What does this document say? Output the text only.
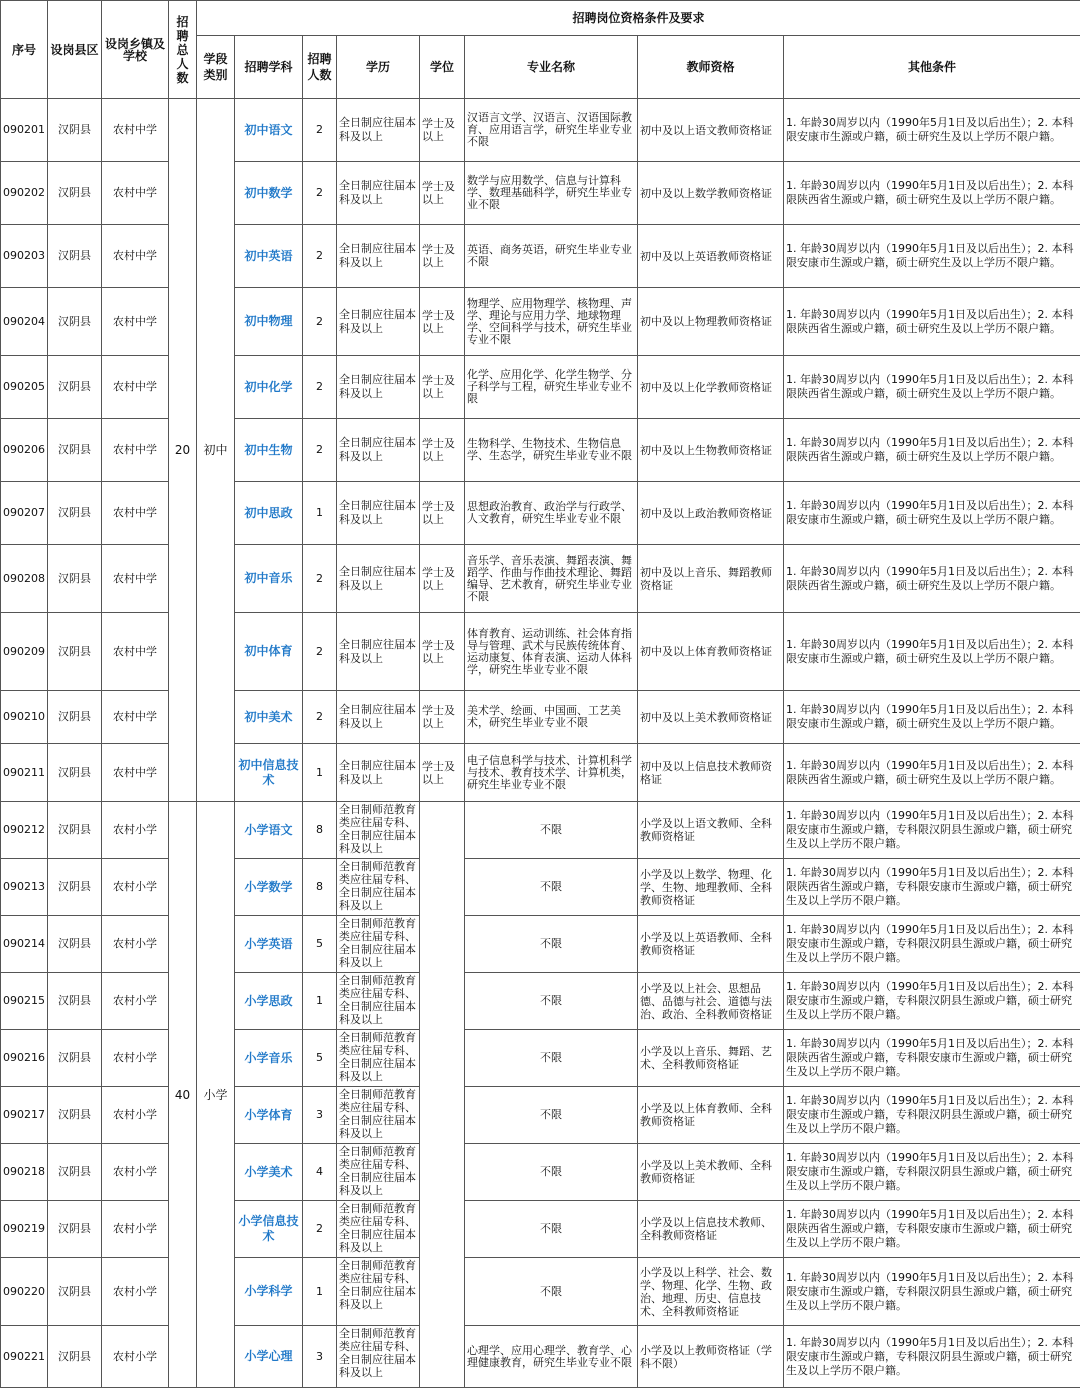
序号	设岗县区	设岗乡镇及学校	招聘总人数	招聘岗位资格条件及要求							

				学段类别	招聘学科	招聘人数	学历	学位	专业名称	教师资格	其他条件
090201	汉阴县	农村中学	20	初中	初中语文	2	全日制应往届本科及以上	学士及以上	汉语言文学、汉语言、汉语国际教育、应用语言学，研究生毕业专业不限	初中及以上语文教师资格证	1. 年龄30周岁以内（1990年5月1日及以后出生）；2. 本科限安康市生源或户籍，硕士研究生及以上学历不限户籍。
090202	汉阴县	农村中学			初中数学	2	全日制应往届本科及以上	学士及以上	数学与应用数学、信息与计算科学、数理基础科学，研究生毕业专业不限	初中及以上数学教师资格证	1. 年龄30周岁以内（1990年5月1日及以后出生）；2. 本科限陕西省生源或户籍，硕士研究生及以上学历不限户籍。
090203	汉阴县	农村中学			初中英语	2	全日制应往届本科及以上	学士及以上	英语、商务英语，研究生毕业专业不限	初中及以上英语教师资格证	1. 年龄30周岁以内（1990年5月1日及以后出生）；2. 本科限安康市生源或户籍，硕士研究生及以上学历不限户籍。
090204	汉阴县	农村中学			初中物理	2	全日制应往届本科及以上	学士及以上	物理学、应用物理学、核物理、声学、理论与应用力学、地球物理学、空间科学与技术，研究生毕业专业不限	初中及以上物理教师资格证	1. 年龄30周岁以内（1990年5月1日及以后出生）；2. 本科限陕西省生源或户籍，硕士研究生及以上学历不限户籍。
090205	汉阴县	农村中学			初中化学	2	全日制应往届本科及以上	学士及以上	化学、应用化学、化学生物学、分子科学与工程，研究生毕业专业不限	初中及以上化学教师资格证	1. 年龄30周岁以内（1990年5月1日及以后出生）；2. 本科限陕西省生源或户籍，硕士研究生及以上学历不限户籍。
090206	汉阴县	农村中学			初中生物	2	全日制应往届本科及以上	学士及以上	生物科学、生物技术、生物信息学、生态学，研究生毕业专业不限	初中及以上生物教师资格证	1. 年龄30周岁以内（1990年5月1日及以后出生）；2. 本科限陕西省生源或户籍，硕士研究生及以上学历不限户籍。
090207	汉阴县	农村中学			初中思政	1	全日制应往届本科及以上	学士及以上	思想政治教育、政治学与行政学、人文教育，研究生毕业专业不限	初中及以上政治教师资格证	1. 年龄30周岁以内（1990年5月1日及以后出生）；2. 本科限安康市生源或户籍，硕士研究生及以上学历不限户籍。
090208	汉阴县	农村中学			初中音乐	2	全日制应往届本科及以上	学士及以上	音乐学、音乐表演、舞蹈表演、舞蹈学、作曲与作曲技术理论、舞蹈编导、艺术教育，研究生毕业专业不限	初中及以上音乐、舞蹈教师资格证	1. 年龄30周岁以内（1990年5月1日及以后出生）；2. 本科限陕西省生源或户籍，硕士研究生及以上学历不限户籍。
090209	汉阴县	农村中学			初中体育	2	全日制应往届本科及以上	学士及以上	体育教育、运动训练、社会体育指导与管理、武术与民族传统体育、运动康复、体育表演、运动人体科学，研究生毕业专业不限	初中及以上体育教师资格证	1. 年龄30周岁以内（1990年5月1日及以后出生）；2. 本科限安康市生源或户籍，硕士研究生及以上学历不限户籍。
090210	汉阴县	农村中学			初中美术	2	全日制应往届本科及以上	学士及以上	美术学、绘画、中国画、工艺美术，研究生毕业专业不限	初中及以上美术教师资格证	1. 年龄30周岁以内（1990年5月1日及以后出生）；2. 本科限安康市生源或户籍，硕士研究生及以上学历不限户籍。
090211	汉阴县	农村中学			初中信息技术	1	全日制应往届本科及以上	学士及以上	电子信息科学与技术、计算机科学与技术、教育技术学、计算机类，研究生毕业专业不限	初中及以上信息技术教师资格证	1. 年龄30周岁以内（1990年5月1日及以后出生）；2. 本科限陕西省生源或户籍，硕士研究生及以上学历不限户籍。
090212	汉阴县	农村小学	40	小学	小学语文	8	全日制师范教育类应往届专科、全日制应往届本科及以上		不限	小学及以上语文教师、全科教师资格证	1. 年龄30周岁以内（1990年5月1日及以后出生）；2. 本科限安康市生源或户籍，专科限汉阴县生源或户籍，硕士研究生及以上学历不限户籍。
090213	汉阴县	农村小学			小学数学	8	全日制师范教育类应往届专科、全日制应往届本科及以上		不限	小学及以上数学、物理、化学、生物、地理教师、全科教师资格证	1. 年龄30周岁以内（1990年5月1日及以后出生）；2. 本科限陕西省生源或户籍，专科限安康市生源或户籍，硕士研究生及以上学历不限户籍。
090214	汉阴县	农村小学			小学英语	5	全日制师范教育类应往届专科、全日制应往届本科及以上		不限	小学及以上英语教师、全科教师资格证	1. 年龄30周岁以内（1990年5月1日及以后出生）；2. 本科限安康市生源或户籍，专科限汉阴县生源或户籍，硕士研究生及以上学历不限户籍。
090215	汉阴县	农村小学			小学思政	1	全日制师范教育类应往届专科、全日制应往届本科及以上		不限	小学及以上社会、思想品德、品德与社会、道德与法治、政治、全科教师资格证	1. 年龄30周岁以内（1990年5月1日及以后出生）；2. 本科限安康市生源或户籍，专科限汉阴县生源或户籍，硕士研究生及以上学历不限户籍。
090216	汉阴县	农村小学			小学音乐	5	全日制师范教育类应往届专科、全日制应往届本科及以上		不限	小学及以上音乐、舞蹈、艺术、全科教师资格证	1. 年龄30周岁以内（1990年5月1日及以后出生）；2. 本科限陕西省生源或户籍，专科限安康市生源或户籍，硕士研究生及以上学历不限户籍。
090217	汉阴县	农村小学			小学体育	3	全日制师范教育类应往届专科、全日制应往届本科及以上		不限	小学及以上体育教师、全科教师资格证	1. 年龄30周岁以内（1990年5月1日及以后出生）；2. 本科限安康市生源或户籍，专科限汉阴县生源或户籍，硕士研究生及以上学历不限户籍。
090218	汉阴县	农村小学			小学美术	4	全日制师范教育类应往届专科、全日制应往届本科及以上		不限	小学及以上美术教师、全科教师资格证	1. 年龄30周岁以内（1990年5月1日及以后出生）；2. 本科限安康市生源或户籍，专科限汉阴县生源或户籍，硕士研究生及以上学历不限户籍。
090219	汉阴县	农村小学			小学信息技术	2	全日制师范教育类应往届专科、全日制应往届本科及以上		不限	小学及以上信息技术教师、全科教师资格证	1. 年龄30周岁以内（1990年5月1日及以后出生）；2. 本科限陕西省生源或户籍，专科限安康市生源或户籍，硕士研究生及以上学历不限户籍。
090220	汉阴县	农村小学			小学科学	1	全日制师范教育类应往届专科、全日制应往届本科及以上		不限	小学及以上科学、社会、数学、物理、化学、生物、政治、地理、历史、信息技术、全科教师资格证	1. 年龄30周岁以内（1990年5月1日及以后出生）；2. 本科限安康市生源或户籍，专科限汉阴县生源或户籍，硕士研究生及以上学历不限户籍。
090221	汉阴县	农村小学			小学心理	3	全日制师范教育类应往届专科、全日制应往届本科及以上		心理学、应用心理学、教育学、心理健康教育，研究生毕业专业不限	小学及以上教师资格证（学科不限）	1. 年龄30周岁以内（1990年5月1日及以后出生）；2. 本科限安康市生源或户籍，专科限汉阴县生源或户籍，硕士研究生及以上学历不限户籍。
